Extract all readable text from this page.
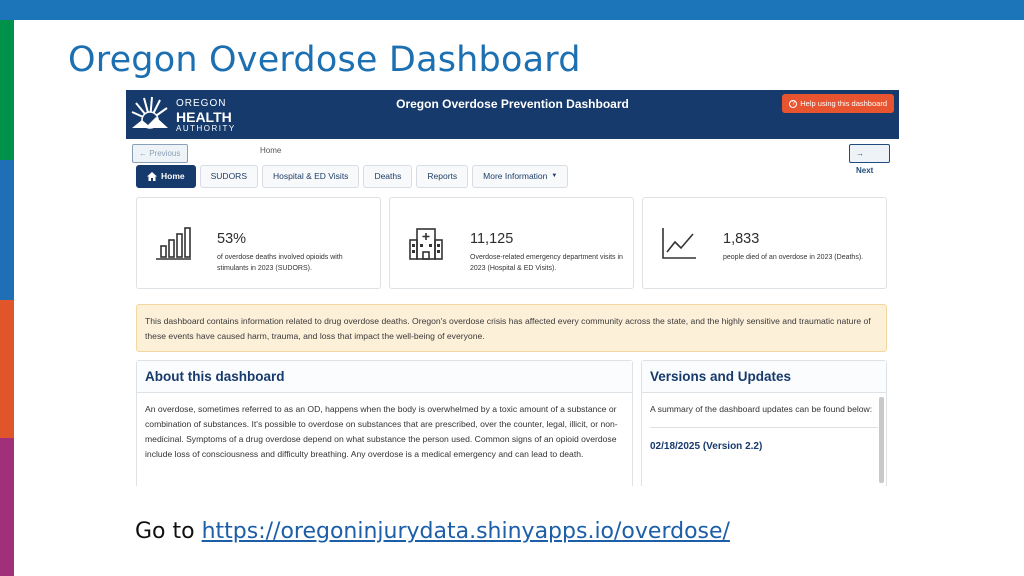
Oregon Overdose Dashboard
OREGON
HEALTH
AUTHORITY
Oregon Overdose Prevention Dashboard	? Help using this dashboard
← Previous	Home	→ Next
Home	SUDORS	Hospital & ED Visits	Deaths	Reports	More Information ▼
53%
of overdose deaths involved opioids with stimulants in 2023 (SUDORS).
11,125
Overdose-related emergency department visits in 2023 (Hospital & ED Visits).
1,833
people died of an overdose in 2023 (Deaths).
This dashboard contains information related to drug overdose deaths. Oregon's overdose crisis has affected every community across the state, and the highly sensitive and traumatic nature of these events have caused harm, trauma, and loss that impact the well-being of everyone.
About this dashboard
An overdose, sometimes referred to as an OD, happens when the body is overwhelmed by a toxic amount of a substance or combination of substances. It's possible to overdose on substances that are prescribed, over the counter, legal, illicit, or non-medicinal. Symptoms of a drug overdose depend on what substance the person used. Common signs of an opioid overdose include loss of consciousness and difficulty breathing. Any overdose is a medical emergency and can lead to death.
Versions and Updates
A summary of the dashboard updates can be found below:
02/18/2025 (Version 2.2)
Go to https://oregoninjurydata.shinyapps.io/overdose/
